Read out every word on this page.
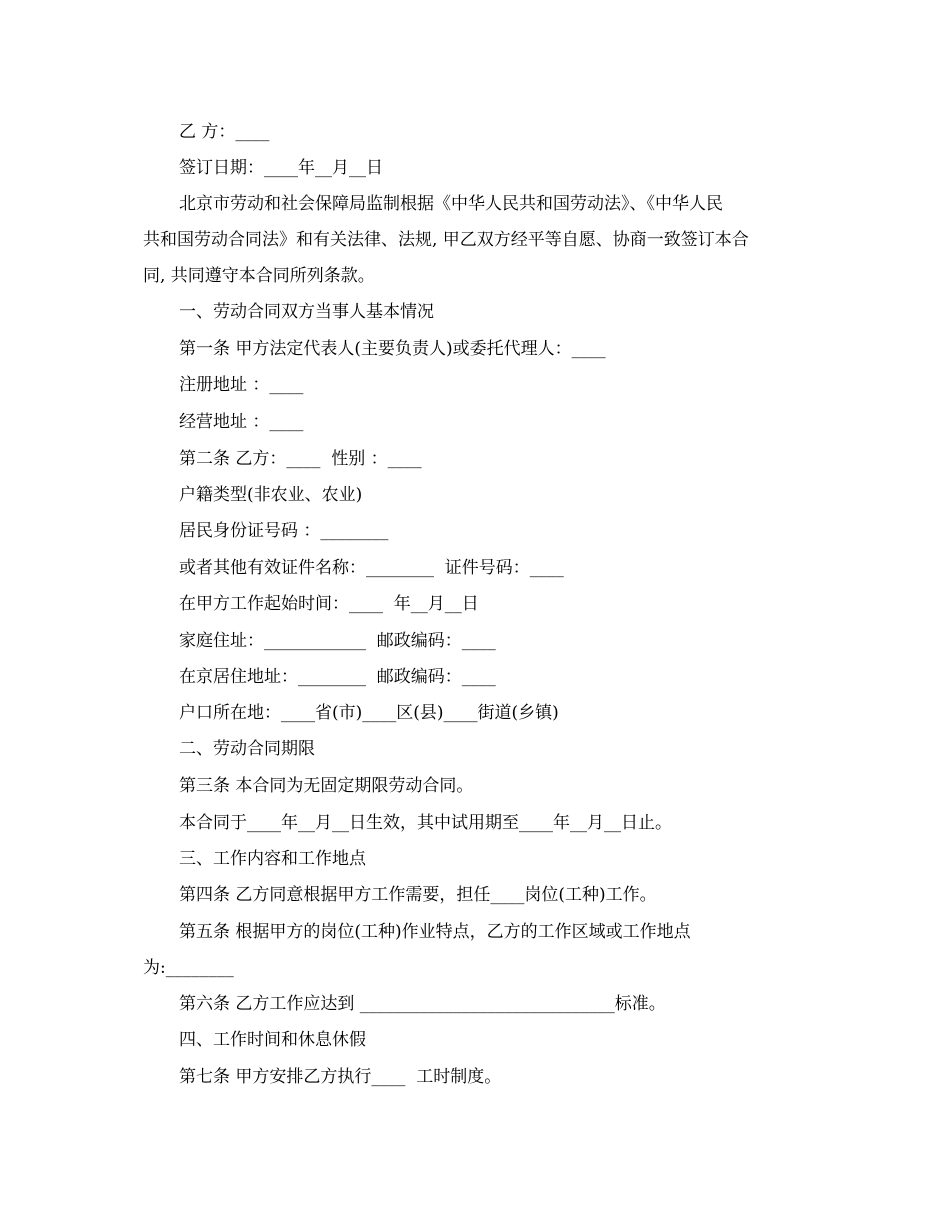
乙 方：____
签订日期：____年__月__日
北京市劳动和社会保障局监制根据《中华人民共和国劳动法》、《中华人民
共和国劳动合同法》和有关法律、法规, 甲乙双方经平等自愿、协商一致签订本合
同, 共同遵守本合同所列条款。
一、劳动合同双方当事人基本情况
第一条 甲方法定代表人(主要负责人)或委托代理人：____
注册地址 ：____
经营地址 ：____
第二条 乙方：____  性别 ：____
户籍类型(非农业、农业)
居民身份证号码 ：________
或者其他有效证件名称：________  证件号码：____
在甲方工作起始时间：____  年__月__日
家庭住址：____________  邮政编码：____
在京居住地址：________  邮政编码：____
户口所在地：____省(市)____区(县)____街道(乡镇)
二、劳动合同期限
第三条 本合同为无固定期限劳动合同。
本合同于____年__月__日生效，其中试用期至____年__月__日止。
三、工作内容和工作地点
第四条 乙方同意根据甲方工作需要，担任____岗位(工种)工作。
第五条 根据甲方的岗位(工种)作业特点，乙方的工作区域或工作地点
为:________
第六条 乙方工作应达到 ______________________________标准。
四、工作时间和休息休假
第七条 甲方安排乙方执行____  工时制度。
